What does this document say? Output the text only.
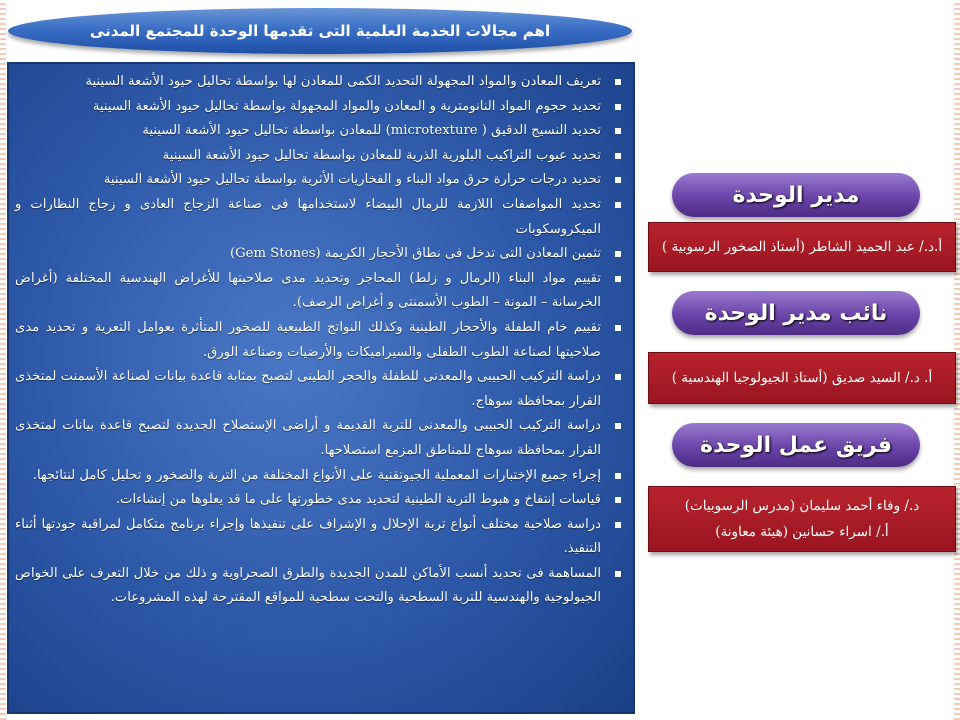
اهم مجالات الخدمة العلمية التى تقدمها الوحدة للمجتمع المدنى
تعريف المعادن والمواد المجهولة التحديد الكمى للمعادن لها بواسطة تحاليل حيود الأشعة السينية
تحديد حجوم المواد النانومترية و المعادن والمواد المجهولة بواسطة تحاليل حيود الأشعة السينية
تحديد النسيج الدقيق ( microtexture) للمعادن بواسطة تحاليل حيود الأشعة السينية
تحديد عيوب التراكيب البلورية الذرية للمعادن بواسطة تحاليل حيود الأشعة السينية
تحديد درجات حرارة حرق مواد البناء و الفخاريات الأثرية بواسطة تحاليل حيود الأشعة السينية
تحديد المواصفات اللازمة للرمال البيضاء لاستخدامها فى صناعة الزجاج العادى و زجاج النظارات و الميكروسكوبات
تثمين المعادن التى تدخل فى نطاق الأحجار الكريمة (Gem Stones)
تقييم مواد البناء (الرمال و زلط) المحاجر وتحديد مدى صلاحيتها للأغراض الهندسية المختلفة (أغراض الخرسانة – المونة – الطوب الأسمنتى و أغراض الرصف).
تقييم خام الطفلة والأحجار الطينية وكذلك النواتج الطبيعية للصخور المتأثرة بعوامل التعرية و تحديد مدى صلاحيتها لصناعة الطوب الطفلى والسيراميكات والأرضيات وصناعة الورق.
دراسة التركيب الحبيبى والمعدنى للطفلة والحجر الطينى لتصبح بمثابة قاعدة بيانات لصناعة الأسمنت لمتخذى القرار بمحافظة سوهاج.
دراسة التركيب الحبيبى والمعدنى للتربة القديمة و أراضى الإستصلاح الجديدة لتصبح قاعدة بيانات لمتخذى القرار بمحافظة سوهاج للمناطق المزمع استصلاحها.
إجراء جميع الإختبارات المعملية الجيوتقنية على الأنواع المختلفة من التربة والصخور و تحليل كامل لنتائجها.
قياسات إنتفاخ و هبوط التربة الطينية لتحديد مدى خطورتها على ما قد يعلوها من إنشاءات.
دراسة صلاحية مختلف أنواع تربة الإحلال و الإشراف على تنفيذها وإجراء برنامج متكامل لمراقبة جودتها أثناء التنفيذ.
المساهمة فى تحديد أنسب الأماكن للمدن الجديدة والطرق الصحراوية و ذلك من خلال التعرف على الخواص الجيولوجية والهندسية للتربة السطحية والتحت سطحية للمواقع المقترحة لهذه المشروعات.
مدير الوحدة
أ.د./ عبد الحميد الشاطر (أستاذ الصخور الرسوبية )
نائب مدير الوحدة
أ. د./ السيد صديق (أستاذ الجيولوجيا الهندسية )
فريق عمل الوحدة
د./ وفاء أحمد سليمان (مدرس الرسوبيات)
أ./ اسراء حسانين (هيئة معاونة)
